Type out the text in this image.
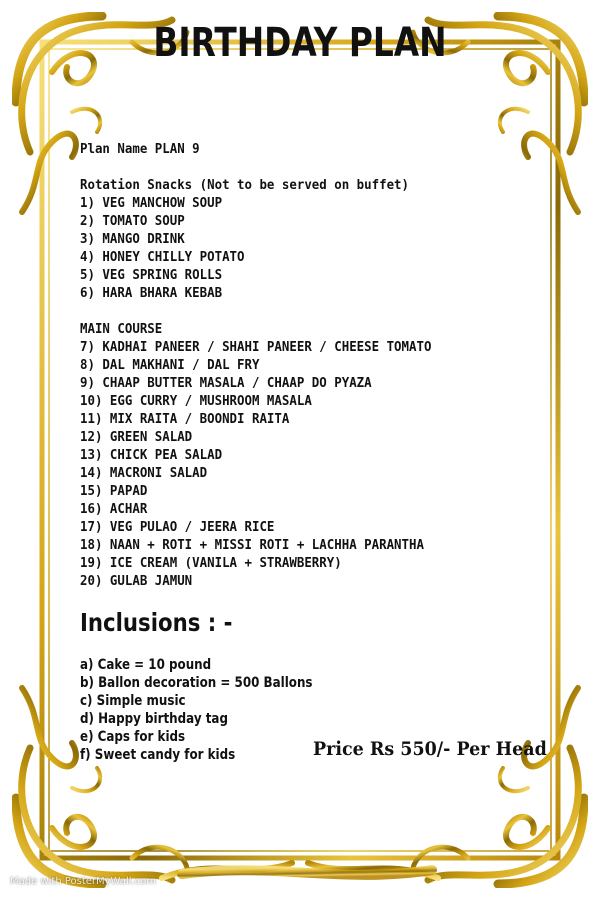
BIRTHDAY PLAN
Plan Name PLAN 9
Rotation Snacks (Not to be served on buffet)
1) VEG MANCHOW SOUP
2) TOMATO SOUP
3) MANGO DRINK
4) HONEY CHILLY POTATO
5) VEG SPRING ROLLS
6) HARA BHARA KEBAB
MAIN COURSE
7) KADHAI PANEER / SHAHI PANEER / CHEESE TOMATO
8) DAL MAKHANI / DAL FRY
9) CHAAP BUTTER MASALA / CHAAP DO PYAZA
10) EGG CURRY / MUSHROOM MASALA
11) MIX RAITA / BOONDI RAITA
12) GREEN SALAD
13) CHICK PEA SALAD
14) MACRONI SALAD
15) PAPAD
16) ACHAR
17) VEG PULAO / JEERA RICE
18) NAAN + ROTI + MISSI ROTI + LACHHA PARANTHA
19) ICE CREAM (VANILA + STRAWBERRY)
20) GULAB JAMUN
Inclusions : -
a) Cake = 10 pound
b) Ballon decoration = 500 Ballons
c) Simple music
d) Happy birthday tag
e) Caps for kids
f) Sweet candy for kids	Price Rs 550/- Per Head
Made with PosterMyWall.com
